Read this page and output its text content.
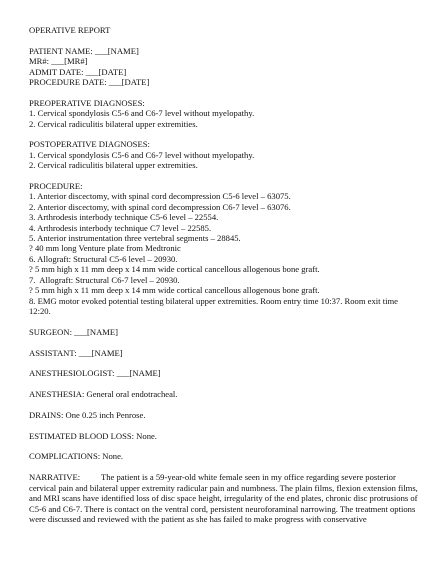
OPERATIVE REPORT
PATIENT NAME: ___[NAME]
MR#: ___[MR#]
ADMIT DATE: ___[DATE]
PROCEDURE DATE: ___[DATE]
PREOPERATIVE DIAGNOSES:
1. Cervical spondylosis C5-6 and C6-7 level without myelopathy.
2. Cervical radiculitis bilateral upper extremities.
POSTOPERATIVE DIAGNOSES:
1. Cervical spondylosis C5-6 and C6-7 level without myelopathy.
2. Cervical radiculitis bilateral upper extremities.
PROCEDURE:
1. Anterior discectomy, with spinal cord decompression C5-6 level – 63075.
2. Anterior discectomy, with spinal cord decompression C6-7 level – 63076.
3. Arthrodesis interbody technique C5-6 level – 22554.
4. Arthrodesis interbody technique C7 level – 22585.
5. Anterior instrumentation three vertebral segments – 28845.
? 40 mm long Venture plate from Medtronic
6. Allograft: Structural C5-6 level – 20930.
? 5 mm high x 11 mm deep x 14 mm wide cortical cancellous allogenous bone graft.
7.  Allograft: Structural C6-7 level – 20930.
? 5 mm high x 11 mm deep x 14 mm wide cortical cancellous allogenous bone graft.
8. EMG motor evoked potential testing bilateral upper extremities. Room entry time 10:37. Room exit time 12:20.
SURGEON: ___[NAME]
ASSISTANT: ___[NAME]
ANESTHESIOLOGIST: ___[NAME]
ANESTHESIA: General oral endotracheal.
DRAINS: One 0.25 inch Penrose.
ESTIMATED BLOOD LOSS: None.
COMPLICATIONS: None.
NARRATIVE: The patient is a 59-year-old white female seen in my office regarding severe posterior cervical pain and bilateral upper extremity radicular pain and numbness. The plain films, flexion extension films, and MRI scans have identified loss of disc space height, irregularity of the end plates, chronic disc protrusions of C5-6 and C6-7. There is contact on the ventral cord, persistent neuroforaminal narrowing. The treatment options were discussed and reviewed with the patient as she has failed to make progress with conservative
